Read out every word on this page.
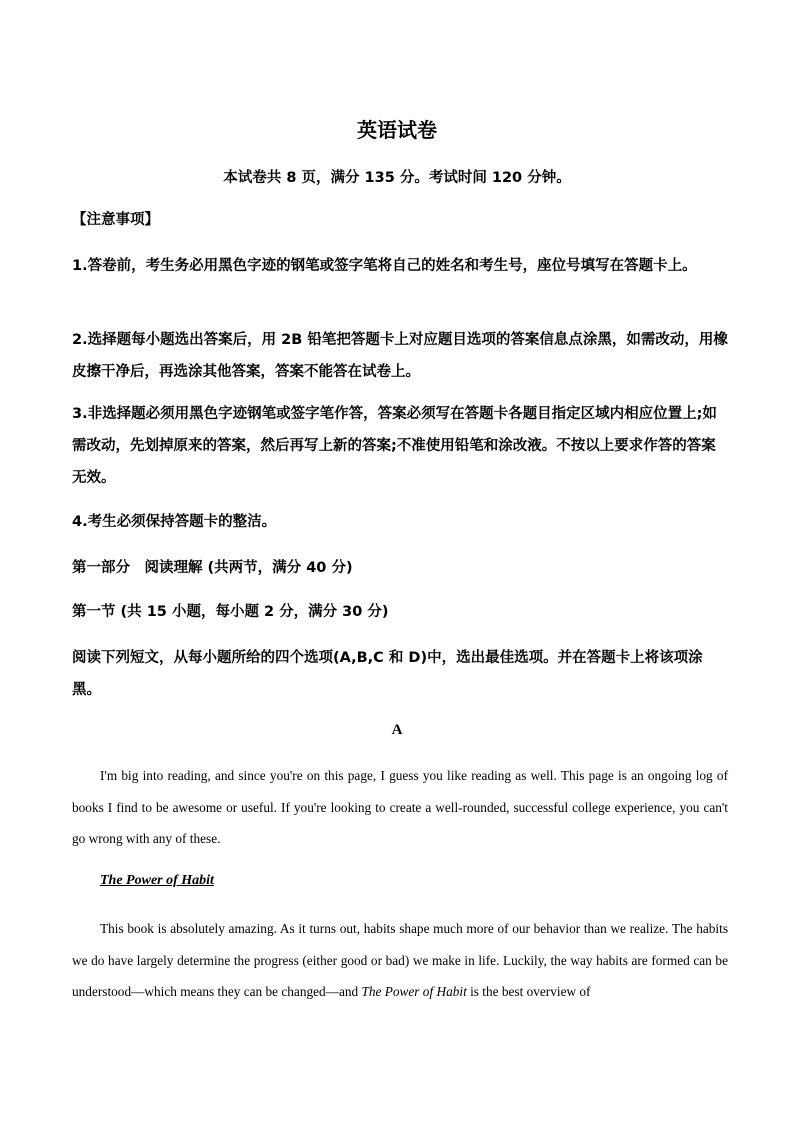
英语试卷
本试卷共 8 页，满分 135 分。考试时间 120 分钟。

【注意事项】

1.答卷前，考生务必用黑色字迹的钢笔或签字笔将自己的姓名和考生号，座位号填写在答题卡上。

2.选择题每小题选出答案后，用 2B 铅笔把答题卡上对应题目选项的答案信息点涂黑，如需改动，用橡皮擦干净后，再选涂其他答案，答案不能答在试卷上。

3.非选择题必须用黑色字迹钢笔或签字笔作答，答案必须写在答题卡各题目指定区域内相应位置上;如需改动，先划掉原来的答案，然后再写上新的答案;不准使用铅笔和涂改液。不按以上要求作答的答案无效。

4.考生必须保持答题卡的整洁。

第一部分　阅读理解 (共两节，满分 40 分)

第一节 (共 15 小题，每小题 2 分，满分 30 分)

阅读下列短文，从每小题所给的四个选项(A,B,C 和 D)中，选出最佳选项。并在答题卡上将该项涂黑。

A

I'm big into reading, and since you're on this page, I guess you like reading as well. This page is an ongoing log of books I find to be awesome or useful. If you're looking to create a well-rounded, successful college experience, you can't go wrong with any of these.

The Power of Habit

This book is absolutely amazing. As it turns out, habits shape much more of our behavior than we realize. The habits we do have largely determine the progress (either good or bad) we make in life. Luckily, the way habits are formed can be understood—which means they can be changed—and The Power of Habit is the best overview of
